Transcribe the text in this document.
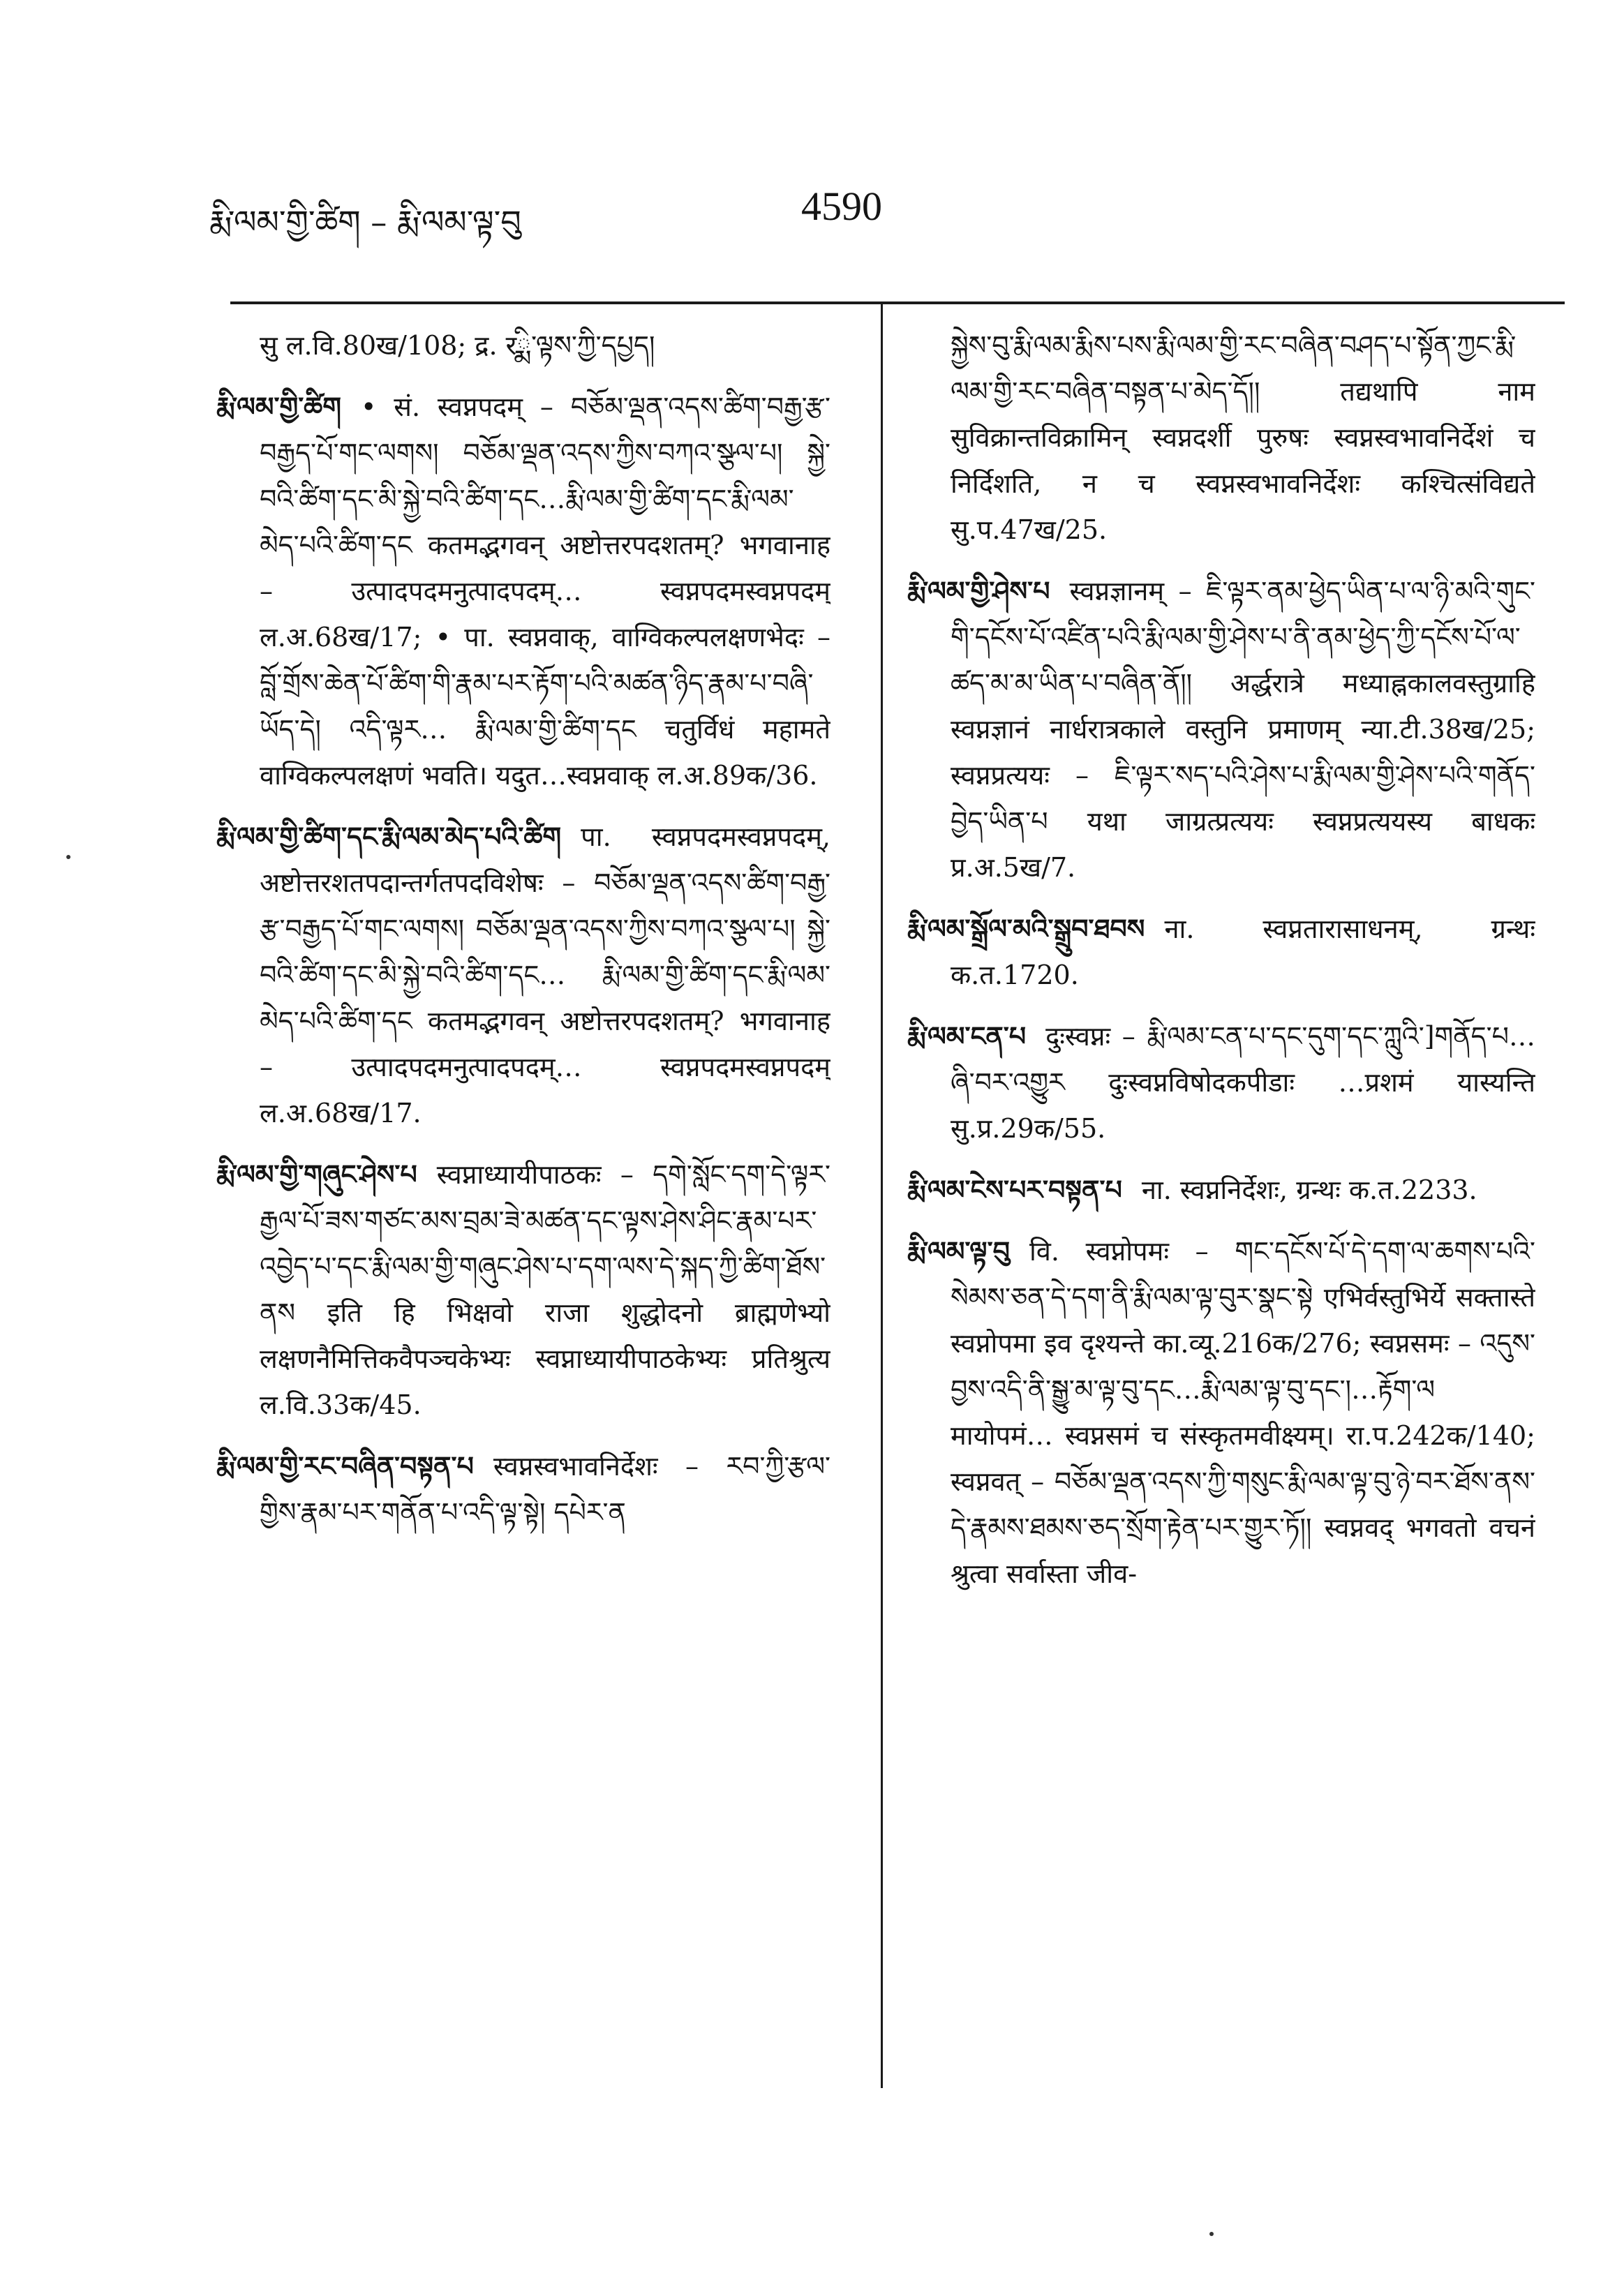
རྨི་ལམ་གྱི་ཚིག – རྨི་ལམ་ལྟ་བུ	4590

सु ल.वि.80ख/108; द्र. रྨི་ལྟས་ཀྱི་དཔྱད།

རྨི་ལམ་གྱི་ཚིག • सं. स्वप्नपदम् – བཅོམ་ལྡན་འདས་ཚིག་བརྒྱ་རྩ་བརྒྱད་པོ་གང་ལགས། བཅོམ་ལྡན་འདས་ཀྱིས་བཀའ་སྩལ་པ། སྐྱེ་བའི་ཚིག་དང་མི་སྐྱེ་བའི་ཚིག་དང…རྨི་ལམ་གྱི་ཚིག་དང་རྨི་ལམ་མེད་པའི་ཚིག་དང कतमद्भगवन् अष्टोत्तरपदशतम्? भगवानाह – उत्पादपदमनुत्पादपदम्… स्वप्नपदमस्वप्नपदम् ल.अ.68ख/17; • पा. स्वप्नवाक्, वाग्विकल्पलक्षणभेदः – བློ་གྲོས་ཆེན་པོ་ཚིག་གི་རྣམ་པར་རྟོག་པའི་མཚན་ཉིད་རྣམ་པ་བཞི་ཡོད་དེ། འདི་ལྟར… རྨི་ལམ་གྱི་ཚིག་དང चतुर्विधं महामते वाग्विकल्पलक्षणं भवति। यदुत…स्वप्नवाक् ल.अ.89क/36.

རྨི་ལམ་གྱི་ཚིག་དང་རྨི་ལམ་མེད་པའི་ཚིག पा. स्वप्नपदमस्वप्नपदम्, अष्टोत्तरशतपदान्तर्गतपदविशेषः – བཅོམ་ལྡན་འདས་ཚིག་བརྒྱ་རྩ་བརྒྱད་པོ་གང་ལགས། བཅོམ་ལྡན་འདས་ཀྱིས་བཀའ་སྩལ་པ། སྐྱེ་བའི་ཚིག་དང་མི་སྐྱེ་བའི་ཚིག་དང… རྨི་ལམ་གྱི་ཚིག་དང་རྨི་ལམ་མེད་པའི་ཚིག་དང कतमद्भगवन् अष्टोत्तरपदशतम्? भगवानाह – उत्पादपदमनुत्पादपदम्… स्वप्नपदमस्वप्नपदम् ल.अ.68ख/17.

རྨི་ལམ་གྱི་གཞུང་ཤེས་པ स्वप्नाध्यायीपाठकः – དགེ་སློང་དག་དེ་ལྟར་རྒྱལ་པོ་ཟས་གཙང་མས་བྲམ་ཟེ་མཚན་དང་ལྟས་ཤེས་ཤིང་རྣམ་པར་འབྱེད་པ་དང་རྨི་ལམ་གྱི་གཞུང་ཤེས་པ་དག་ལས་དེ་སྐད་ཀྱི་ཚིག་ཐོས་ནས इति हि भिक्षवो राजा शुद्धोदनो ब्राह्मणेभ्यो लक्षणनैमित्तिकवैपञ्चकेभ्यः स्वप्नाध्यायीपाठकेभ्यः प्रतिश्रुत्य ल.वि.33क/45.

རྨི་ལམ་གྱི་རང་བཞིན་བསྟན་པ स्वप्नस्वभावनिर्देशः – རབ་ཀྱི་རྩལ་གྱིས་རྣམ་པར་གནོན་པ་འདི་ལྟ་སྟེ། དཔེར་ན

སྐྱེས་བུ་རྨི་ལམ་རྨིས་པས་རྨི་ལམ་གྱི་རང་བཞིན་བཤད་པ་སྟོན་ཀྱང་རྨི་ལམ་གྱི་རང་བཞིན་བསྟན་པ་མེད་དོ།། तद्यथापि नाम सुविक्रान्तविक्रामिन् स्वप्नदर्शी पुरुषः स्वप्नस्वभावनिर्देशं च निर्दिशति, न च स्वप्नस्वभावनिर्देशः कश्चित्संविद्यते सु.प.47ख/25.

རྨི་ལམ་གྱི་ཤེས་པ स्वप्नज्ञानम् – ཇི་ལྟར་ནམ་ཕྱེད་ཡིན་པ་ལ་ཉི་མའི་གུང་གི་དངོས་པོ་འཛིན་པའི་རྨི་ལམ་གྱི་ཤེས་པ་ནི་ནམ་ཕྱེད་ཀྱི་དངོས་པོ་ལ་ཚད་མ་མ་ཡིན་པ་བཞིན་ནོ།། अर्द्धरात्रे मध्याह्नकालवस्तुग्राहि स्वप्नज्ञानं नार्धरात्रकाले वस्तुनि प्रमाणम् न्या.टी.38ख/25; स्वप्नप्रत्ययः – ཇི་ལྟར་སད་པའི་ཤེས་པ་རྨི་ལམ་གྱི་ཤེས་པའི་གནོད་བྱེད་ཡིན་པ यथा जाग्रत्प्रत्ययः स्वप्नप्रत्ययस्य बाधकः प्र.अ.5ख/7.

རྨི་ལམ་སྒྲོལ་མའི་སྒྲུབ་ཐབས ना. स्वप्नतारासाधनम्, ग्रन्थः क.त.1720.

རྨི་ལམ་ངན་པ दुःस्वप्नः – རྨི་ལམ་ངན་པ་དང་དུག་དང་ཀླུའི་]གནོད་པ…ཞི་བར་འགྱུར दुःस्वप्नविषोदकपीडाः …प्रशमं यास्यन्ति सु.प्र.29क/55.

རྨི་ལམ་ངེས་པར་བསྟན་པ ना. स्वप्ननिर्देशः, ग्रन्थः क.त.2233.

རྨི་ལམ་ལྟ་བུ वि. स्वप्नोपमः – གང་དངོས་པོ་དེ་དག་ལ་ཆགས་པའི་སེམས་ཅན་དེ་དག་ནི་རྨི་ལམ་ལྟ་བུར་སྣང་སྟེ एभिर्वस्तुभिर्ये सक्तास्ते स्वप्नोपमा इव दृश्यन्ते का.व्यू.216क/276; स्वप्नसमः – འདུས་བྱས་འདི་ནི་སྒྱུ་མ་ལྟ་བུ་དང…རྨི་ལམ་ལྟ་བུ་དང་།…རྟོག་ལ मायोपमं… स्वप्नसमं च संस्कृतमवीक्ष्यम्। रा.प.242क/140; स्वप्नवत् – བཅོམ་ལྡན་འདས་ཀྱི་གསུང་རྨི་ལམ་ལྟ་བུ་ཉེ་བར་ཐོས་ནས་དེ་རྣམས་ཐམས་ཅད་སྲོག་རྟེན་པར་གྱུར་ཏོ།། स्वप्नवद् भगवतो वचनं श्रुत्वा सर्वास्ता जीव-
